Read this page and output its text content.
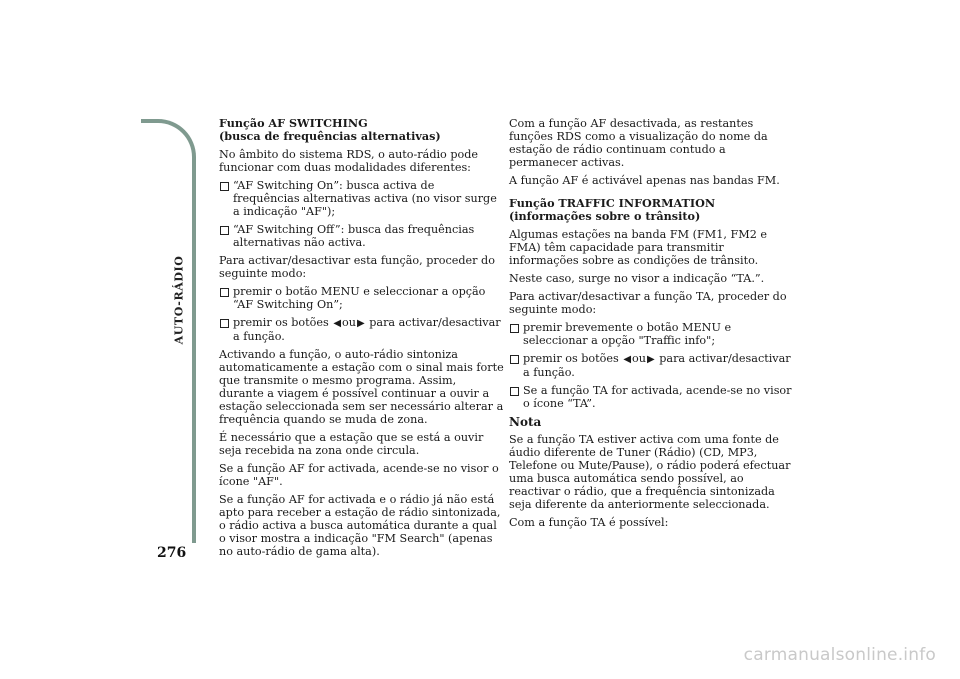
AUTO-RÁDIO
276
Função AF SWITCHING
(busca de frequências alternativas)

No âmbito do sistema RDS, o auto-rádio pode funcionar com duas modalidades diferentes:

“AF Switching On”: busca activa de frequências alternativas activa (no visor surge a indicação "AF");
“AF Switching Off”: busca das frequências alternativas não activa.

Para activar/desactivar esta função, proceder do seguinte modo:

premir o botão MENU e seleccionar a opção “AF Switching On”;
premir os botões ◀ou▶ para activar/desactivar a função.

Activando a função, o auto-rádio sintoniza automaticamente a estação com o sinal mais forte que transmite o mesmo programa. Assim, durante a viagem é possível continuar a ouvir a estação seleccionada sem ser necessário alterar a frequência quando se muda de zona.

É necessário que a estação que se está a ouvir seja recebida na zona onde circula.

Se a função AF for activada, acende-se no visor o ícone "AF".

Se a função AF for activada e o rádio já não está apto para receber a estação de rádio sintonizada, o rádio activa a busca automática durante a qual o visor mostra a indicação "FM Search" (apenas no auto-rádio de gama alta).

Com a função AF desactivada, as restantes funções RDS como a visualização do nome da estação de rádio continuam contudo a permanecer activas.

A função AF é activável apenas nas bandas FM.

Função TRAFFIC INFORMATION
(informações sobre o trânsito)

Algumas estações na banda FM (FM1, FM2 e FMA) têm capacidade para transmitir informações sobre as condições de trânsito.

Neste caso, surge no visor a indicação “TA.”.

Para activar/desactivar a função TA, proceder do seguinte modo:

premir brevemente o botão MENU e seleccionar a opção "Traffic info";
premir os botões ◀ou▶ para activar/desactivar a função.
Se a função TA for activada, acende-se no visor o ícone “TA”.
Nota

Se a função TA estiver activa com uma fonte de áudio diferente de Tuner (Rádio) (CD, MP3, Telefone ou Mute/Pause), o rádio poderá efectuar uma busca automática sendo possível, ao reactivar o rádio, que a frequência sintonizada seja diferente da anteriormente seleccionada.

Com a função TA é possível:

carmanualsonline.info
